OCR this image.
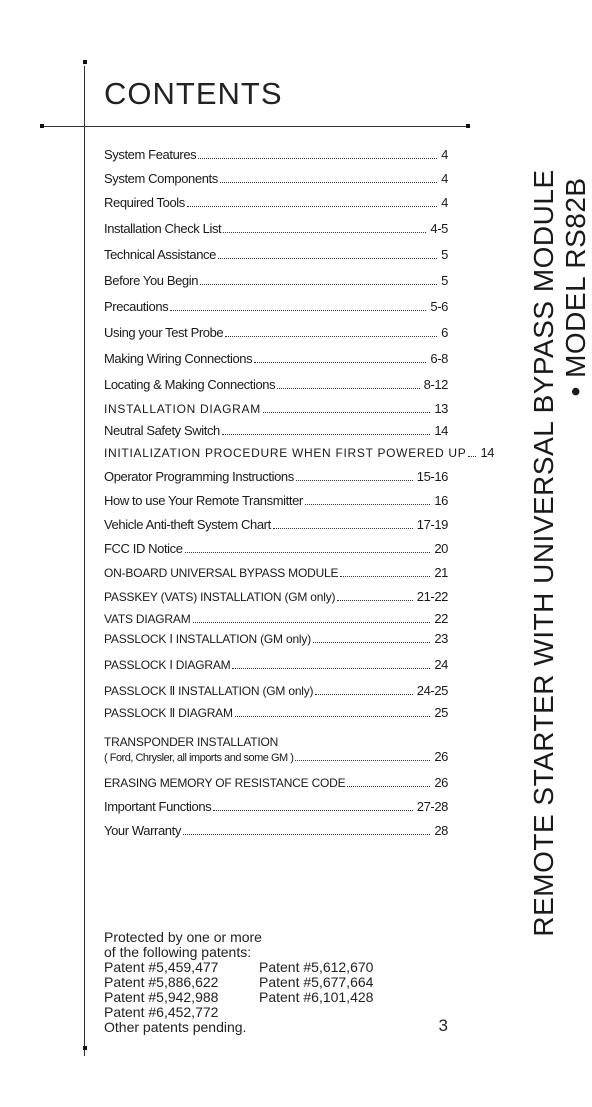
CONTENTS
System Features	4
System Components	4
Required Tools	4
Installation Check List	4-5
Technical Assistance	5
Before You Begin	5
Precautions	5-6
Using your Test Probe	6
Making Wiring Connections	6-8
Locating & Making Connections	8-12
INSTALLATION DIAGRAM	13
Neutral Safety Switch	14
INITIALIZATION PROCEDURE WHEN FIRST POWERED UP 14
Operator Programming Instructions	15-16
How to use Your Remote Transmitter	16
Vehicle Anti-theft System Chart	17-19
FCC ID Notice	20
ON-BOARD UNIVERSAL BYPASS MODULE	21
PASSKEY (VATS) INSTALLATION (GM only)	21-22
VATS DIAGRAM	22
PASSLOCK Ⅰ INSTALLATION (GM only)	23
PASSLOCK Ⅰ DIAGRAM	24
PASSLOCK Ⅱ INSTALLATION (GM only)	24-25
PASSLOCK Ⅱ DIAGRAM	25
TRANSPONDER INSTALLATION
( Ford, Chrysler, all imports and some GM )	26
ERASING MEMORY OF RESISTANCE CODE	26
Important Functions	27-28
Your Warranty	28
Protected by one or more
of the following patents:
Patent #5,459,477	Patent #5,612,670
Patent #5,886,622	Patent #5,677,664
Patent #5,942,988	Patent #6,101,428
Patent #6,452,772
Other patents pending.	3
REMOTE STARTER WITH UNIVERSAL BYPASS MODULE • MODEL RS82B
